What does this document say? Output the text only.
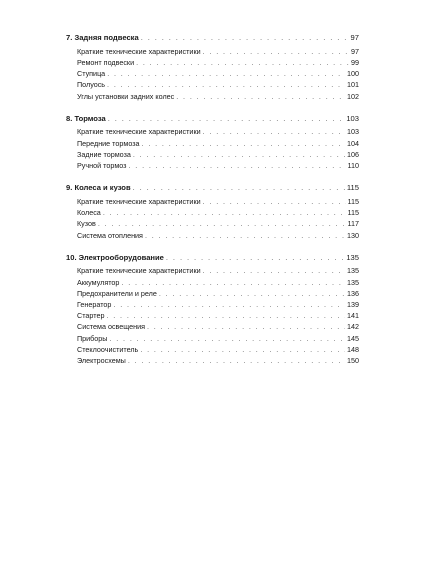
7. Задняя подвеска . . .	97
Краткие технические характеристики . . .	97
Ремонт подвески . . .	99
Ступица . . .	100
Полуось . . .	101
Углы установки задних колес . . .	102
8. Тормоза . . .	103
Краткие технические характеристики . . .	103
Передние тормоза . . .	104
Задние тормоза . . .	106
Ручной тормоз . . .	110
9. Колеса и кузов . . .	115
Краткие технические характеристики . . .	115
Колеса . . .	115
Кузов . . .	117
Система отопления . . .	130
10. Электрооборудование . . .	135
Краткие технические характеристики . . .	135
Аккумулятор . . .	135
Предохранители и реле . . .	136
Генератор . . .	139
Стартер . . .	141
Система освещения . . .	142
Приборы . . .	145
Стеклоочиститель . . .	148
Электросхемы . . .	150
